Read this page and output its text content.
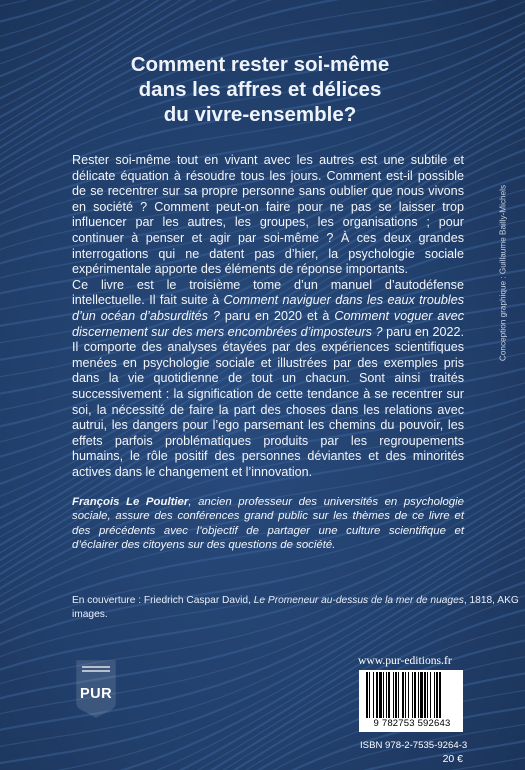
Comment rester soi-même
dans les affres et délices
du vivre-ensemble?

Rester soi-même tout en vivant avec les autres est une subtile et délicate équation à résoudre tous les jours. Comment est-il possible de se recentrer sur sa propre personne sans oublier que nous vivons en société ? Comment peut-on faire pour ne pas se laisser trop influencer par les autres, les groupes, les organisations ; pour continuer à penser et agir par soi-même ? À ces deux grandes interrogations qui ne datent pas d’hier, la psychologie sociale expérimentale apporte des éléments de réponse importants.

Ce livre est le troisième tome d’un manuel d’autodéfense intellectuelle. Il fait suite à Comment naviguer dans les eaux troubles d’un océan d’absurdités ? paru en 2020 et à Comment voguer avec discernement sur des mers encombrées d’imposteurs ? paru en 2022. Il comporte des analyses étayées par des expériences scientifiques menées en psychologie sociale et illustrées par des exemples pris dans la vie quotidienne de tout un chacun. Sont ainsi traités successivement : la signification de cette tendance à se recentrer sur soi, la nécessité de faire la part des choses dans les relations avec autrui, les dangers pour l’ego parsemant les chemins du pouvoir, les effets parfois problématiques produits par les regroupements humains, le rôle positif des personnes déviantes et des minorités actives dans le changement et l’innovation.

François Le Poultier, ancien professeur des universités en psychologie sociale, assure des conférences grand public sur les thèmes de ce livre et des précédents avec l’objectif de partager une culture scientifique et d’éclairer des citoyens sur des questions de société.
En couverture : Friedrich Caspar David, Le Promeneur au-dessus de la mer de nuages, 1818, AKG images.
Conception graphique : Guillaume Bailly-Michels
PUR
www.pur-editions.fr
9 782753 592643
ISBN 978-2-7535-9264-3
20 €
